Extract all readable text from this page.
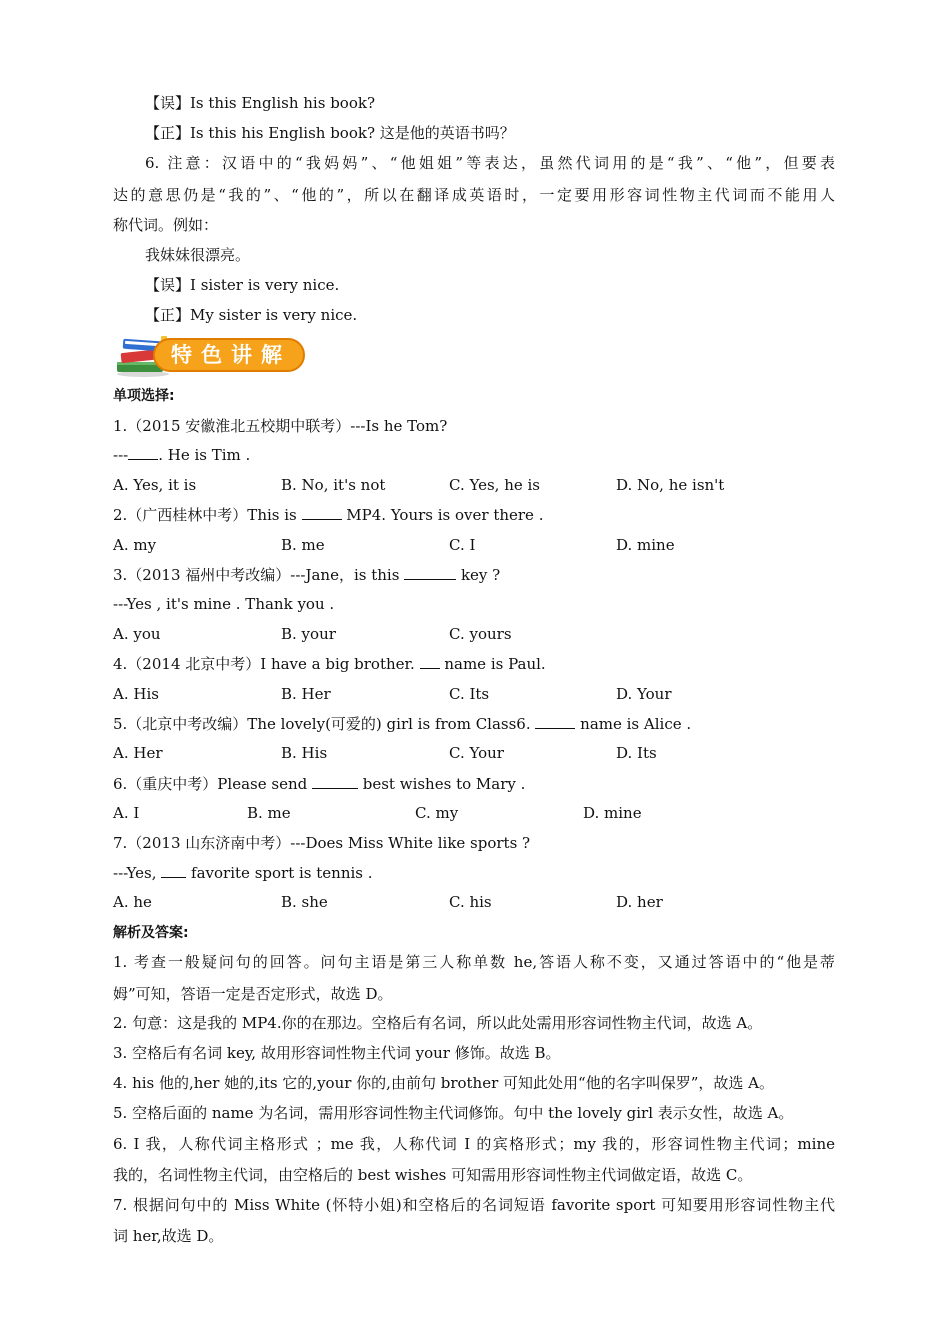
【误】Is this English his book?
【正】Is this his English book? 这是他的英语书吗？
6. 注意：汉语中的“我妈妈”、“他姐姐”等表达，虽然代词用的是“我”、“他”，但要表
达的意思仍是“我的”、“他的”，所以在翻译成英语时，一定要用形容词性物主代词而不能用人
称代词。例如：
我妹妹很漂亮。
【误】I sister is very nice.
【正】My sister is very nice.
特色讲解
单项选择:
1.（2015 安徽淮北五校期中联考）---Is he Tom?
--- . He is Tim .
A. Yes, it is	B. No, it's not	C. Yes, he is	D. No, he isn't
2.（广西桂林中考）This is	MP4. Yours is over there .
A. my	B. me	C. I	D. mine
3.（2013 福州中考改编）---Jane，is this	key ?
---Yes , it's mine . Thank you .
A. you	B. your	C. yours
4.（2014 北京中考）I have a big brother.  name is Paul.
A. His	B. Her	C. Its	D. Your
5.（北京中考改编）The lovely(可爱的) girl is from Class6.	name is Alice .
A. Her	B. His	C. Your	D. Its
6.（重庆中考）Please send	best wishes to Mary .
A. I	B. me	C. my	D. mine
7.（2013 山东济南中考）---Does Miss White like sports ?
---Yes,  favorite sport is tennis .
A. he	B. she	C. his	D. her
解析及答案:
1. 考查一般疑问句的回答。问句主语是第三人称单数 he,答语人称不变，又通过答语中的“他是蒂
姆”可知，答语一定是否定形式，故选 D。
2. 句意：这是我的 MP4.你的在那边。空格后有名词，所以此处需用形容词性物主代词，故选 A。
3. 空格后有名词 key, 故用形容词性物主代词 your 修饰。故选 B。
4. his 他的,her 她的,its 它的,your 你的,由前句 brother 可知此处用“他的名字叫保罗”，故选 A。
5. 空格后面的 name 为名词，需用形容词性物主代词修饰。句中 the lovely girl 表示女性，故选 A。
6. I 我，人称代词主格形式 ；me 我，人称代词 I 的宾格形式；my 我的，形容词性物主代词；mine
我的，名词性物主代词，由空格后的 best wishes 可知需用形容词性物主代词做定语，故选 C。
7. 根据问句中的 Miss White (怀特小姐)和空格后的名词短语 favorite sport 可知要用形容词性物主代
词 her,故选 D。
